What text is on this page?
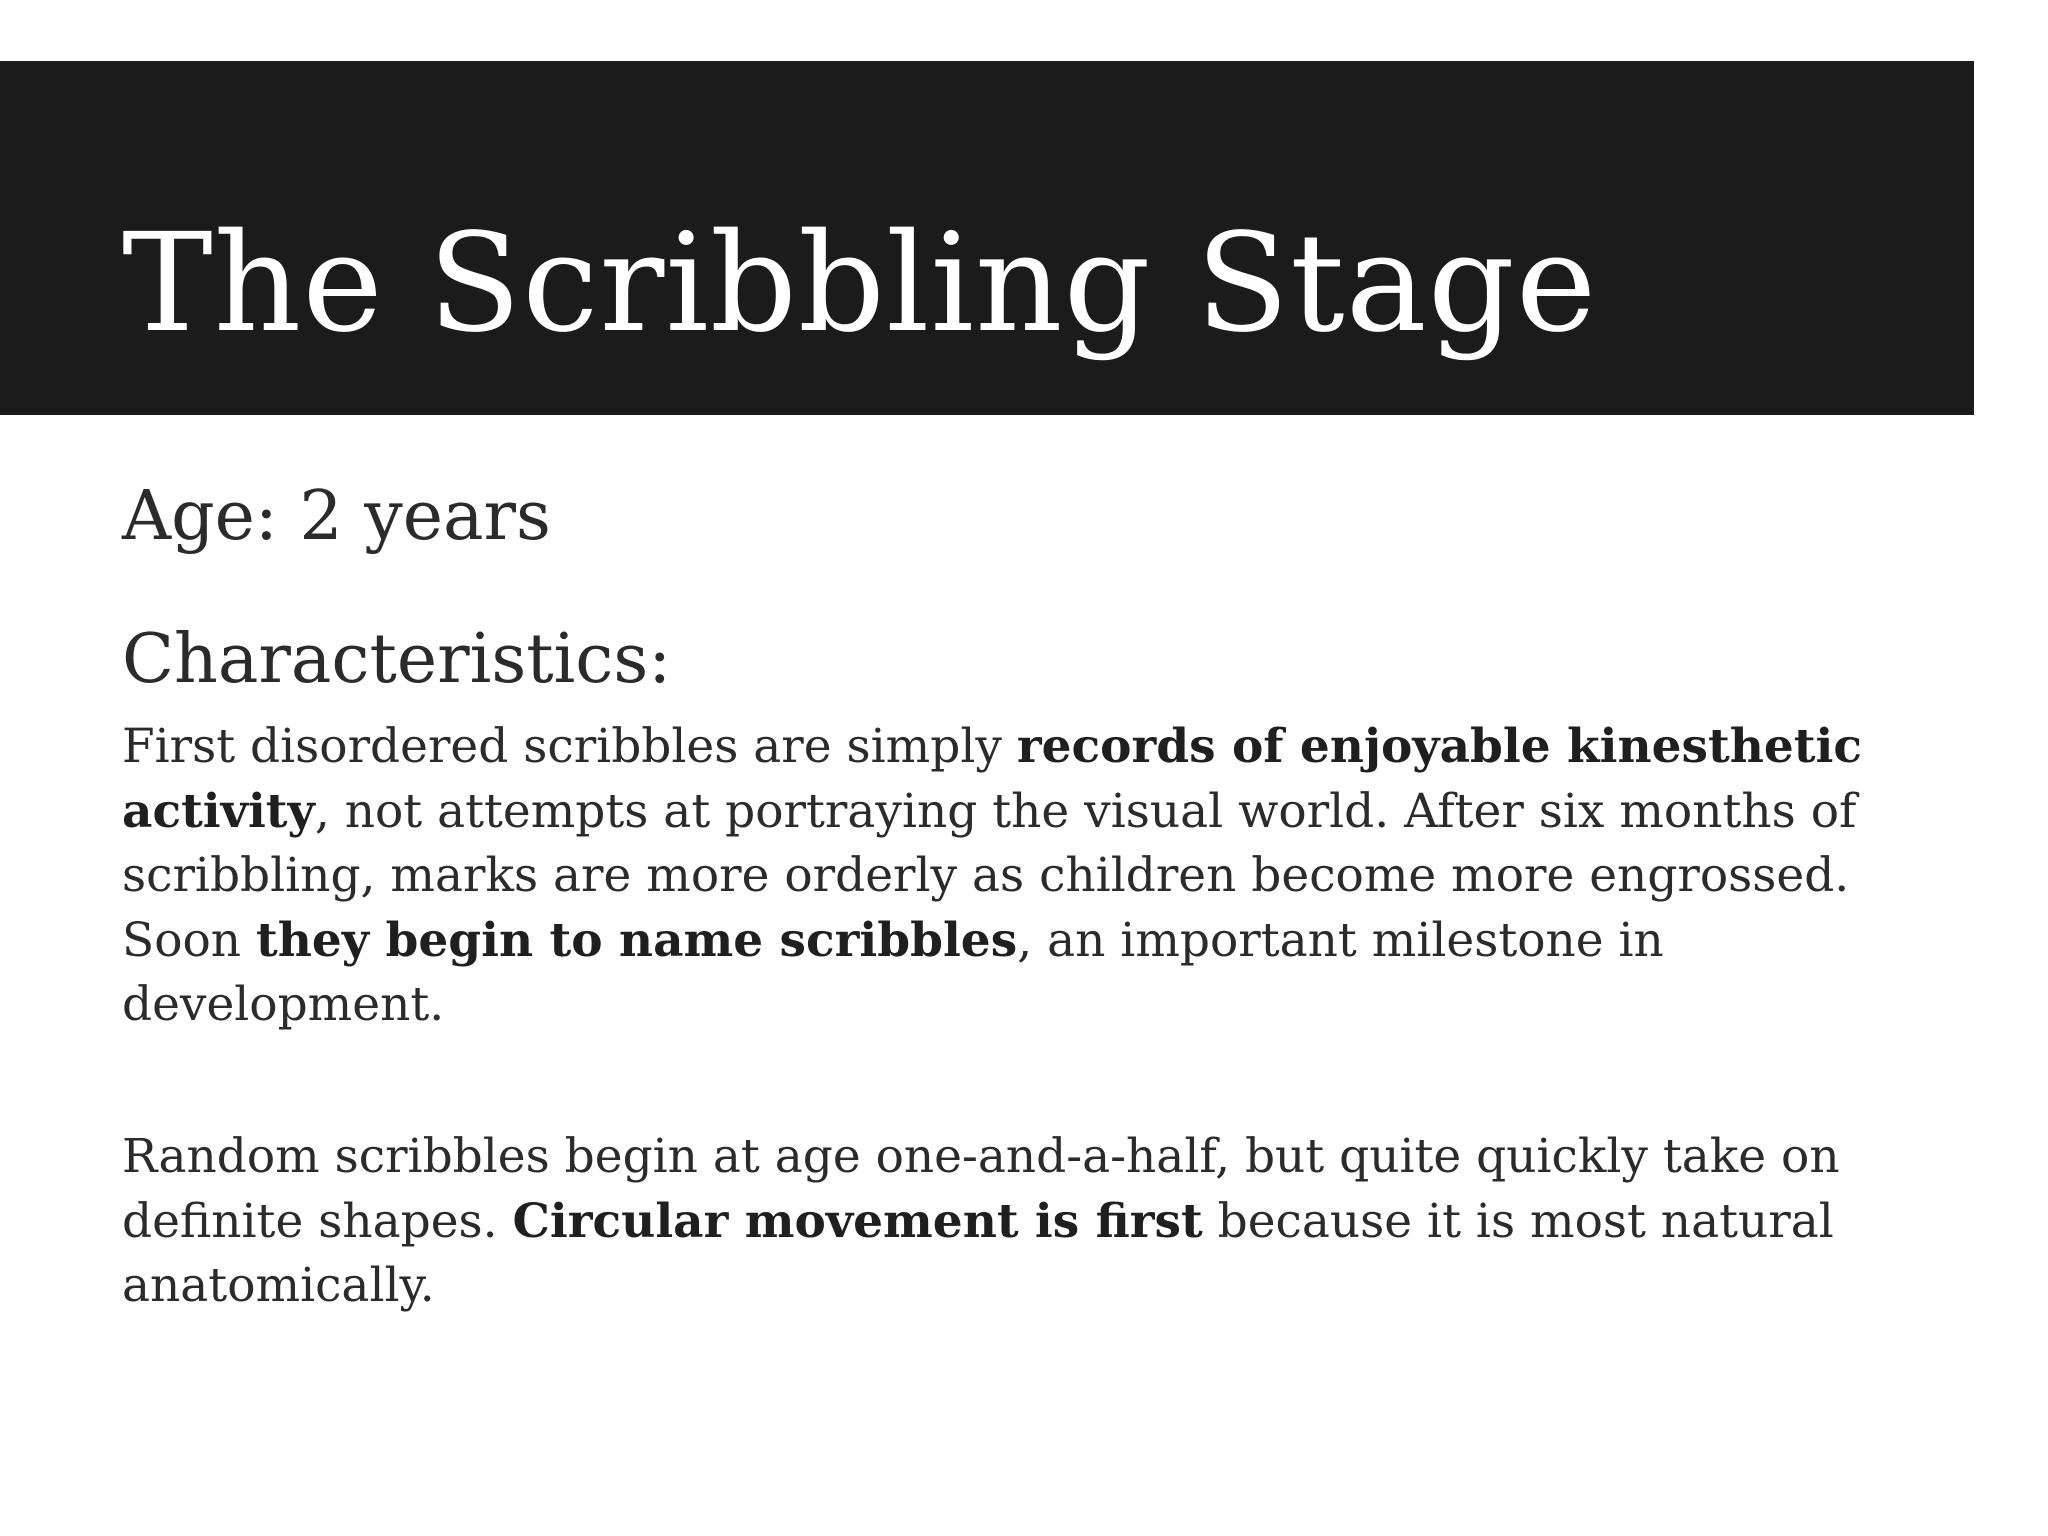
The Scribbling Stage
Age: 2 years
Characteristics:

First disordered scribbles are simply records of enjoyable kinesthetic activity, not attempts at portraying the visual world. After six months of scribbling, marks are more orderly as children become more engrossed. Soon they begin to name scribbles, an important milestone in development.

Random scribbles begin at age one-and-a-half, but quite quickly take on definite shapes. Circular movement is first because it is most natural anatomically.
